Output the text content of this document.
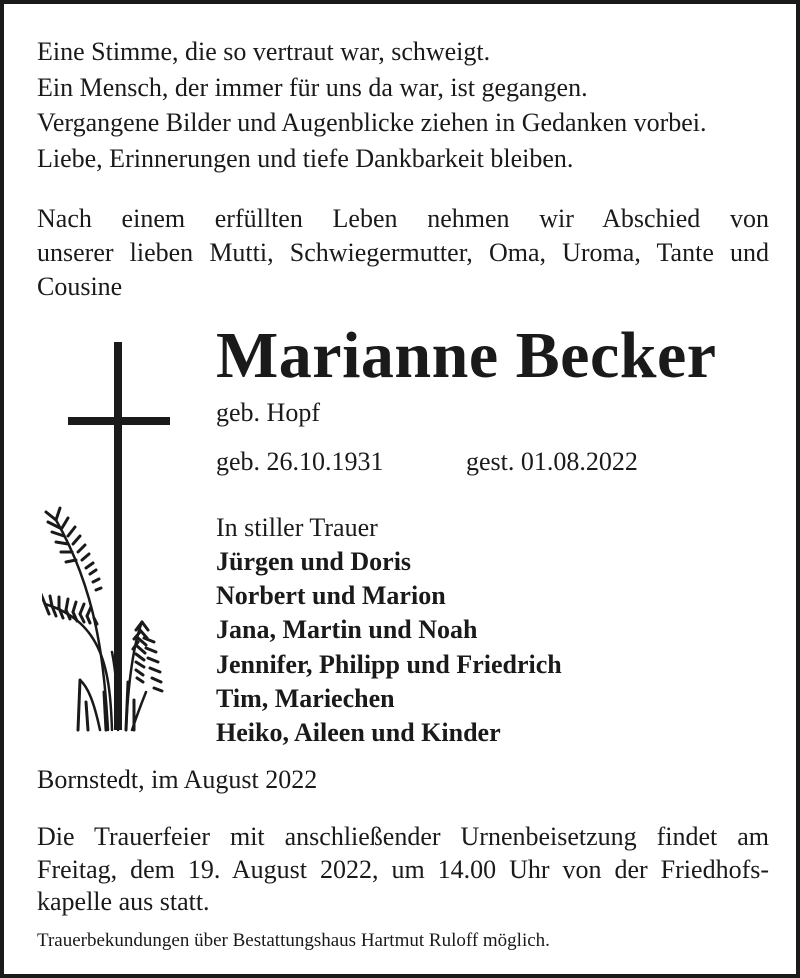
Eine Stimme, die so vertraut war, schweigt.
Ein Mensch, der immer für uns da war, ist gegangen.
Vergangene Bilder und Augenblicke ziehen in Gedanken vorbei.
Liebe, Erinnerungen und tiefe Dankbarkeit bleiben.
Nach einem erfüllten Leben nehmen wir Abschied von
unserer lieben Mutti, Schwiegermutter, Oma, Uroma, Tante und
Cousine
Marianne Becker
geb. Hopf
geb. 26.10.1931	gest. 01.08.2022
In stiller Trauer
Jürgen und Doris
Norbert und Marion
Jana, Martin und Noah
Jennifer, Philipp und Friedrich
Tim, Mariechen
Heiko, Aileen und Kinder
Bornstedt, im August 2022
Die Trauerfeier mit anschließender Urnenbeisetzung findet am
Freitag, dem 19. August 2022, um 14.00 Uhr von der Friedhofs-
kapelle aus statt.
Trauerbekundungen über Bestattungshaus Hartmut Ruloff möglich.
